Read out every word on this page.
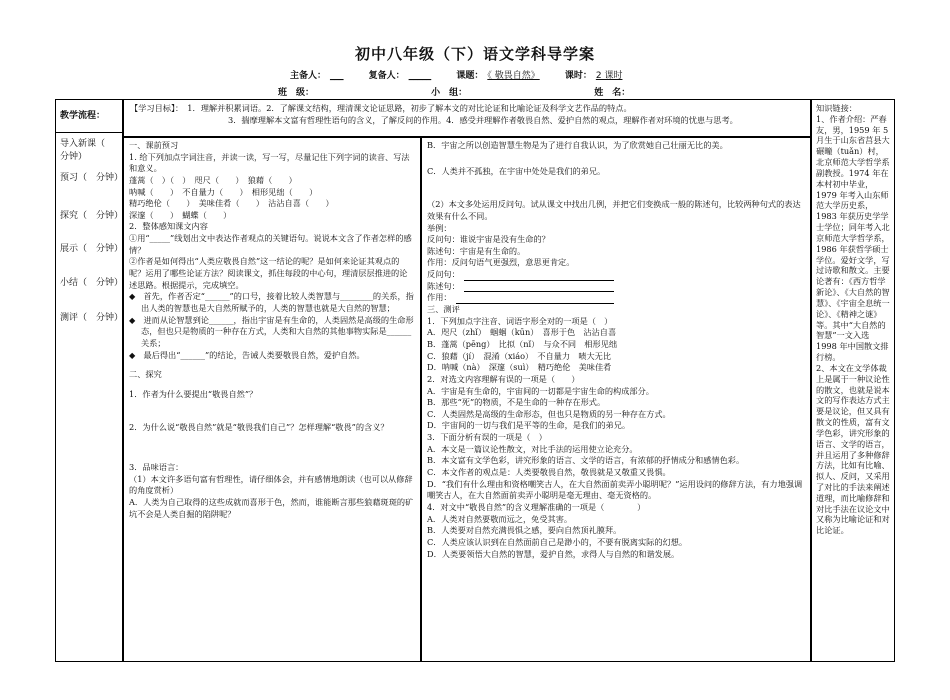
初中八年级（下）语文学科导学案
主备人： ___	复备人： _____	课题： 《 敬畏自然》	课时： 2 课时
班　级：	小　组：	姓　名：
教学流程：
导入新课（　分钟）
预习（　分钟）
探究（　分钟）
展示（　分钟）
小结（　分钟）
测评（　分钟）

【学习目标】：　1．理解并积累词语。2．了解课文结构，理清课文论证思路，初步了解本文的对比论证和比喻论证及科学文艺作品的特点。

3．揣摩理解本文富有哲理性语句的含义，了解反问的作用。4．感受并理解作者敬畏自然、爱护自然的观点，理解作者对环境的忧患与思考。

一、课前预习

1. 给下列加点字词注音，并读一读，写一写，尽量记住下列字词的读音、写法和意义。

蓬蒿（　）（　）　咫尺（　　）　狼藉（　　）

呐喊（　　）　不自量力（　　）　相形见绌（　　）

精巧绝伦（　　）　美味佳肴（　　）　沾沾自喜（　　）

深邃（　　）　蝴蝶（　　）

2．整体感知课文内容

①用“_____”线划出文中表达作者观点的关键语句。说说本文含了作者怎样的感情？

②作者是如何得出“人类应敬畏自然”这一结论的呢？是如何来论证其观点的呢？运用了哪些论证方法？阅读课文，抓住每段的中心句，理清层层推进的论述思路。根据提示，完成填空。

◆　首先，作者否定“______”的口号，接着比较人类智慧与________的关系，指出人类的智慧也是大自然所赋予的，人类的智慧也就是大自然的智慧；

◆　进而从论智慧到论______，指出宇宙是有生命的，人类固然是高级的生命形态，但也只是物质的一种存在方式，人类和大自然的其他事物实际是______关系；

◆　最后得出“______”的结论，告诫人类要敬畏自然，爱护自然。

二、探究

1．作者为什么要提出“敬畏自然”？

2．为什么说“敬畏自然”就是“敬畏我们自己”？怎样理解“敬畏”的含义？

3．品味语言：

（1）本文许多语句富有哲理性，请仔细体会，并有感情地朗读（也可以从修辞的角度赏析）

A．人类为自己取得的这些成就而喜形于色，然而，谁能断言那些狼藉斑斑的矿坑不会是人类自掘的陷阱呢？

B．宇宙之所以创造智慧生物是为了进行自我认识，为了欣赏她自己壮丽无比的美。

C．人类并不孤独，在宇宙中处处是我们的弟兄。

（2）本文多处运用反问句。试从课文中找出几例，并把它们变换成一般的陈述句，比较两种句式的表达效果有什么不同。

举例：

反问句：谁说宇宙是没有生命的？

陈述句：宇宙是有生命的。

作用：反问句语气更强烈，意思更肯定。

反问句：

陈述句：

作用：

三、测评

1．下列加点字注音、词语字形全对的一项是（　）

A．咫尺（zhǐ）　蝈蝈（kūn）　喜形于色　沾沾自喜

B．蓬蒿（pēng）　比拟（nǐ）　与众不同　相形见绌

C．狼藉（jí）　混淆（xiáo）　不自量力　啧大无比

D．呐喊（nà）　深邃（suì）　精巧绝伦　美味佳肴

2．对选文内容理解有误的一项是（　　）

A．宇宙是有生命的，宇宙间的一切都是宇宙生命的构成部分。

B．那些“死”的物质，不是生命的一种存在形式。

C．人类固然是高级的生命形态，但也只是物质的另一种存在方式。

D．宇宙间的一切与我们是平等的生命，是我们的弟兄。

3．下面分析有误的一项是（　）

A．本文是一篇议论性散文，对比手法的运用使立论充分。

B．本文富有文学色彩，讲究形象的语言、文学的语言，有浓郁的抒情成分和感情色彩。

C．本文作者的观点是：人类要敬畏自然，敬畏就是又敬重又畏惧。

D．“我们有什么理由和资格嘲笑古人，在大自然面前卖弄小聪明呢？”运用设问的修辞方法，有力地强调嘲笑古人，在大自然面前卖弄小聪明是毫无理由、毫无资格的。

4．对文中“敬畏自然”的含义理解准确的一项是（　　　　）

A．人类对自然要敬而远之，免受其害。

B．人类要对自然充满畏惧之感，要向自然顶礼膜拜。

C．人类应该认识到在自然面前自己是渺小的，不要有脱离实际的幻想。

D．人类要领悟大自然的智慧，爱护自然，求得人与自然的和谐发展。

知识链接：

1、作者介绍：严春友，男，1959 年 5 月生于山东省莒县大碾疃（tuǎn）村，北京师范大学哲学系副教授。1974 年在本村初中毕业，1979 年考入山东师范大学历史系，1983 年获历史学学士学位；同年考入北京师范大学哲学系，1986 年获哲学硕士学位。爱好文学，写过诗歌和散文。主要论著有：《西方哲学新论》、《大自然的智慧》、《宇宙全息统一论》、《精神之谜》等。其中“大自然的智慧”一文入选 1998 年中国散文排行榜。

2、本文在文学体裁上是属于一种议论性的散文，也就是说本文的写作表达方式主要是议论，但又具有散文的性质，富有文学色彩，讲究形象的语言、文学的语言，并且运用了多种修辞方法，比如有比喻、拟人、反问，又采用了对比的手法来阐述道理，而比喻修辞和对比手法在议论文中又称为比喻论证和对比论证。
